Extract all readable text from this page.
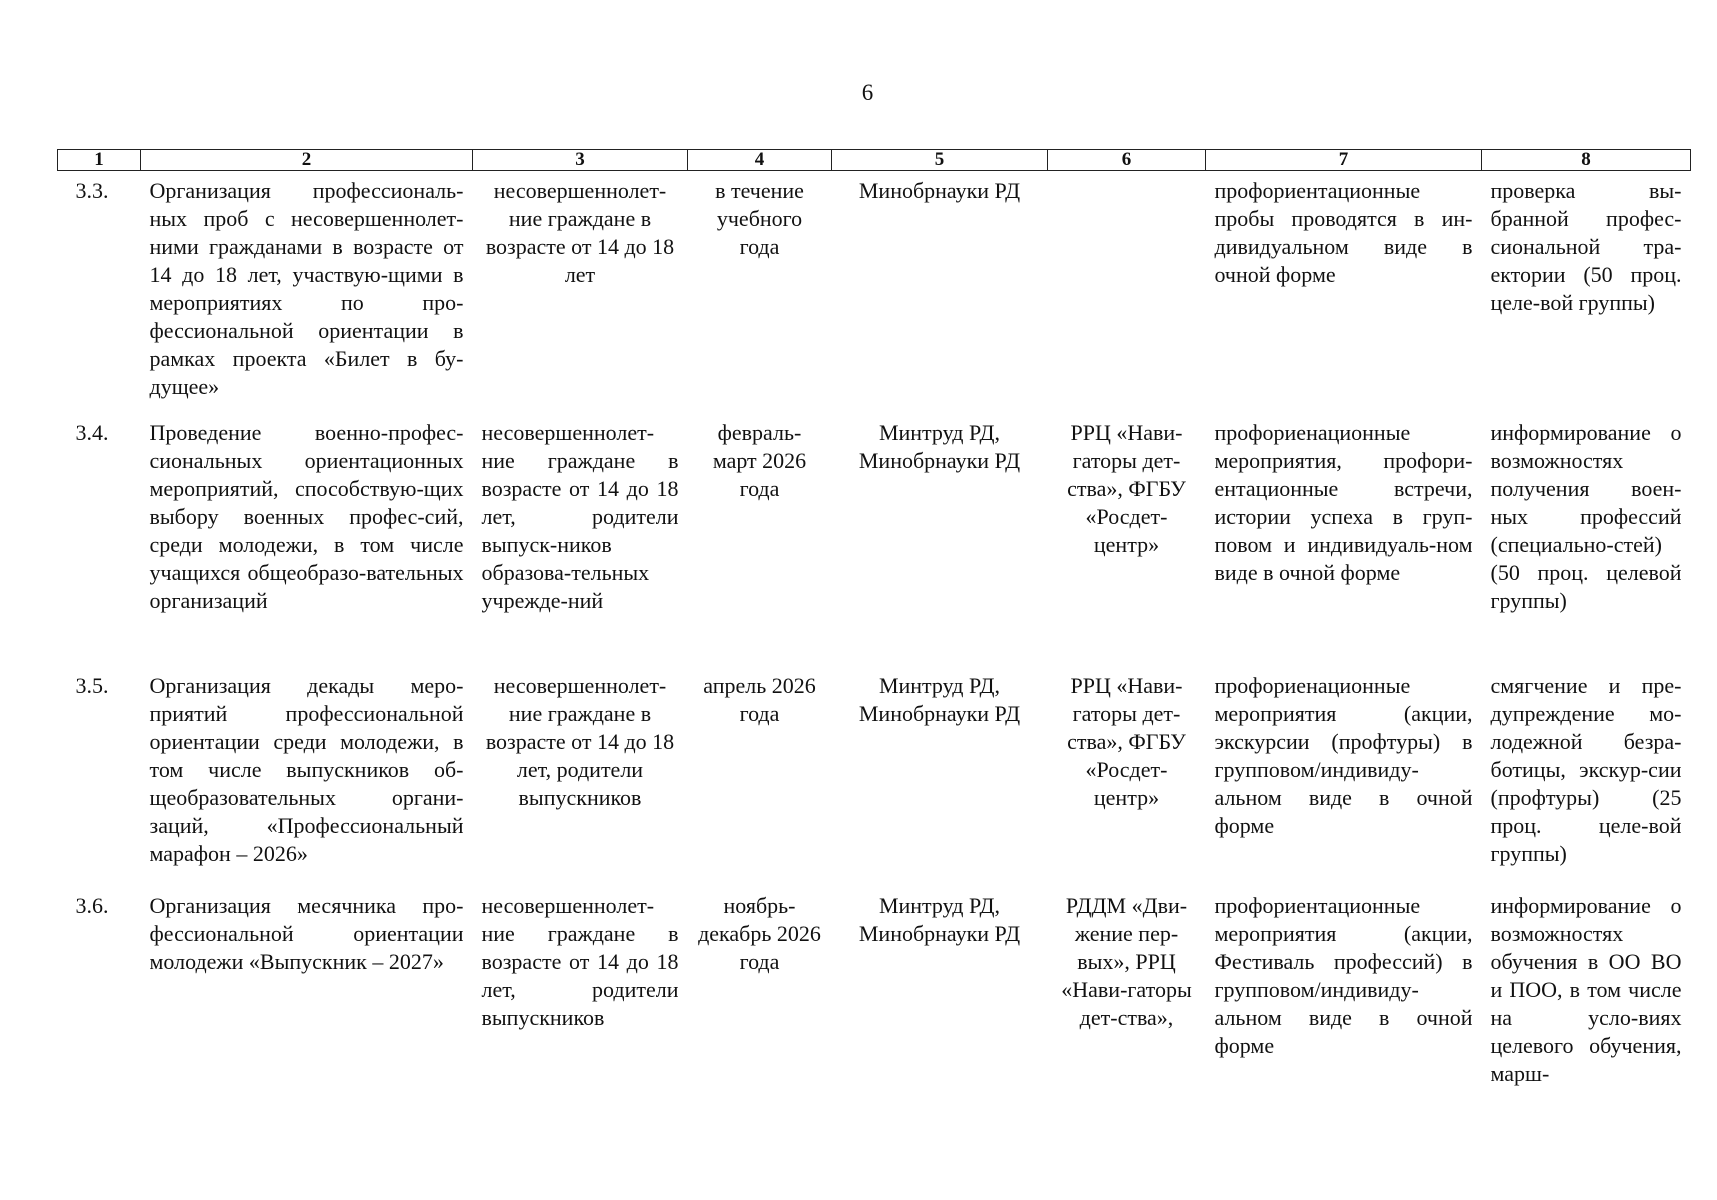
6
1	2	3	4	5	6	7	8
3.3.	Организация профессиональ-ных проб с несовершеннолет-ними гражданами в возрасте от 14 до 18 лет, участвую-щими в мероприятиях по про-фессиональной ориентации в рамках проекта «Билет в бу-дущее»	несовершеннолет-ние граждане в возрасте от 14 до 18 лет	в течение учебного года	Минобрнауки РД		профориентационные пробы проводятся в ин-дивидуальном виде в очной форме	проверка вы-бранной профес-сиональной тра-ектории (50 проц. целе-вой группы)
3.4.	Проведение военно-профес-сиональных ориентационных мероприятий, способствую-щих выбору военных профес-сий, среди молодежи, в том числе учащихся общеобразо-вательных организаций	несовершеннолет-ние граждане в возрасте от 14 до 18 лет, родители выпуск-ников образова-тельных учрежде-ний	февраль-март 2026 года	Минтруд РД, Минобрнауки РД	РРЦ «Нави-гаторы дет-ства», ФГБУ «Росдет-центр»	профориенационные мероприятия, профори-ентационные встречи, истории успеха в груп-повом и индивидуаль-ном виде в очной форме	информирование о возможностях получения воен-ных профессий (специально-стей) (50 проц. целевой группы)
3.5.	Организация декады меро-приятий профессиональной ориентации среди молодежи, в том числе выпускников об-щеобразовательных органи-заций, «Профессиональный марафон – 2026»	несовершеннолет-ние граждане в возрасте от 14 до 18 лет, родители выпускников	апрель 2026 года	Минтруд РД, Минобрнауки РД	РРЦ «Нави-гаторы дет-ства», ФГБУ «Росдет-центр»	профориенационные мероприятия (акции, экскурсии (профтуры) в групповом/индивиду-альном виде в очной форме	смягчение и пре-дупреждение мо-лодежной безра-ботицы, экскур-сии (профтуры) (25 проц. целе-вой группы)
3.6.	Организация месячника про-фессиональной ориентации молодежи «Выпускник – 2027»	несовершеннолет-ние граждане в возрасте от 14 до 18 лет, родители выпускников	ноябрь-декабрь 2026 года	Минтруд РД, Минобрнауки РД	РДДМ «Дви-жение пер-вых», РРЦ «Нави-гаторы дет-ства»,	профориентационные мероприятия (акции, Фестиваль профессий) в групповом/индивиду-альном виде в очной форме	информирование о возможностях обучения в ОО ВО и ПОО, в том числе на усло-виях целевого обучения, марш-
